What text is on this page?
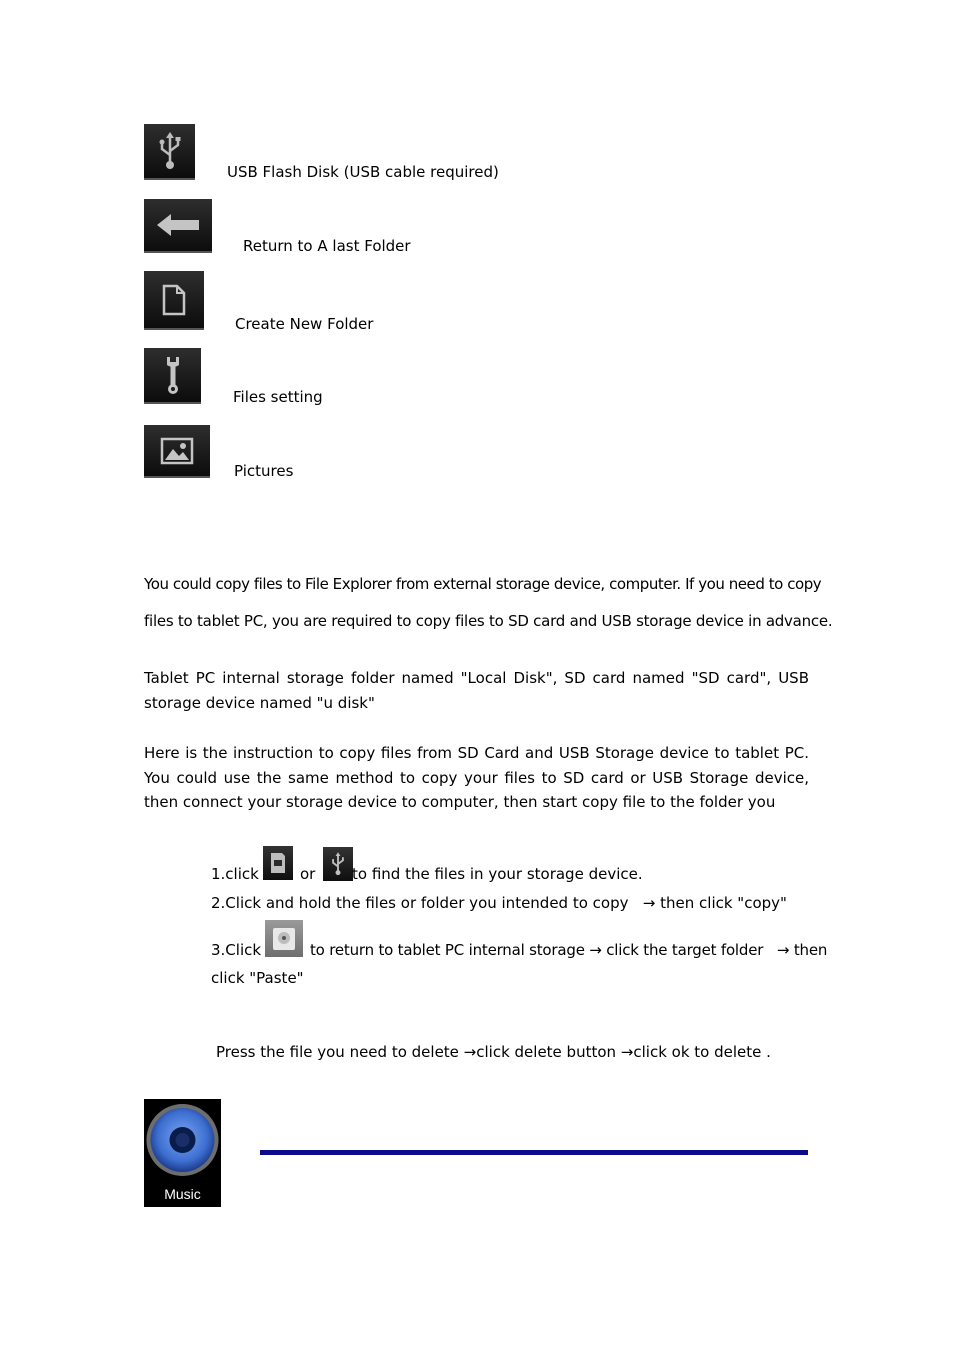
USB Flash Disk (USB cable required)
Return to A last Folder
Create New Folder
Files setting
Pictures
You could copy files to File Explorer from external storage device, computer. If you need to copy
files to tablet PC, you are required to copy files to SD card and USB storage device in advance.

Tablet PC internal storage folder named "Local Disk", SD card named "SD card", USB storage device named "u disk"

Here is the instruction to copy files from SD Card and USB Storage device to tablet PC. You could use the same method to copy your files to SD card or USB Storage device, then connect your storage device to computer, then start copy file to the folder you

1.click	or to find the files in your storage device.
2.Click and hold the files or folder you intended to copy   → then click "copy"
3.Click	to return to tablet PC internal storage → click the target folder   → then
click "Paste"
Press the file you need to delete →click delete button →click ok to delete .
Music
